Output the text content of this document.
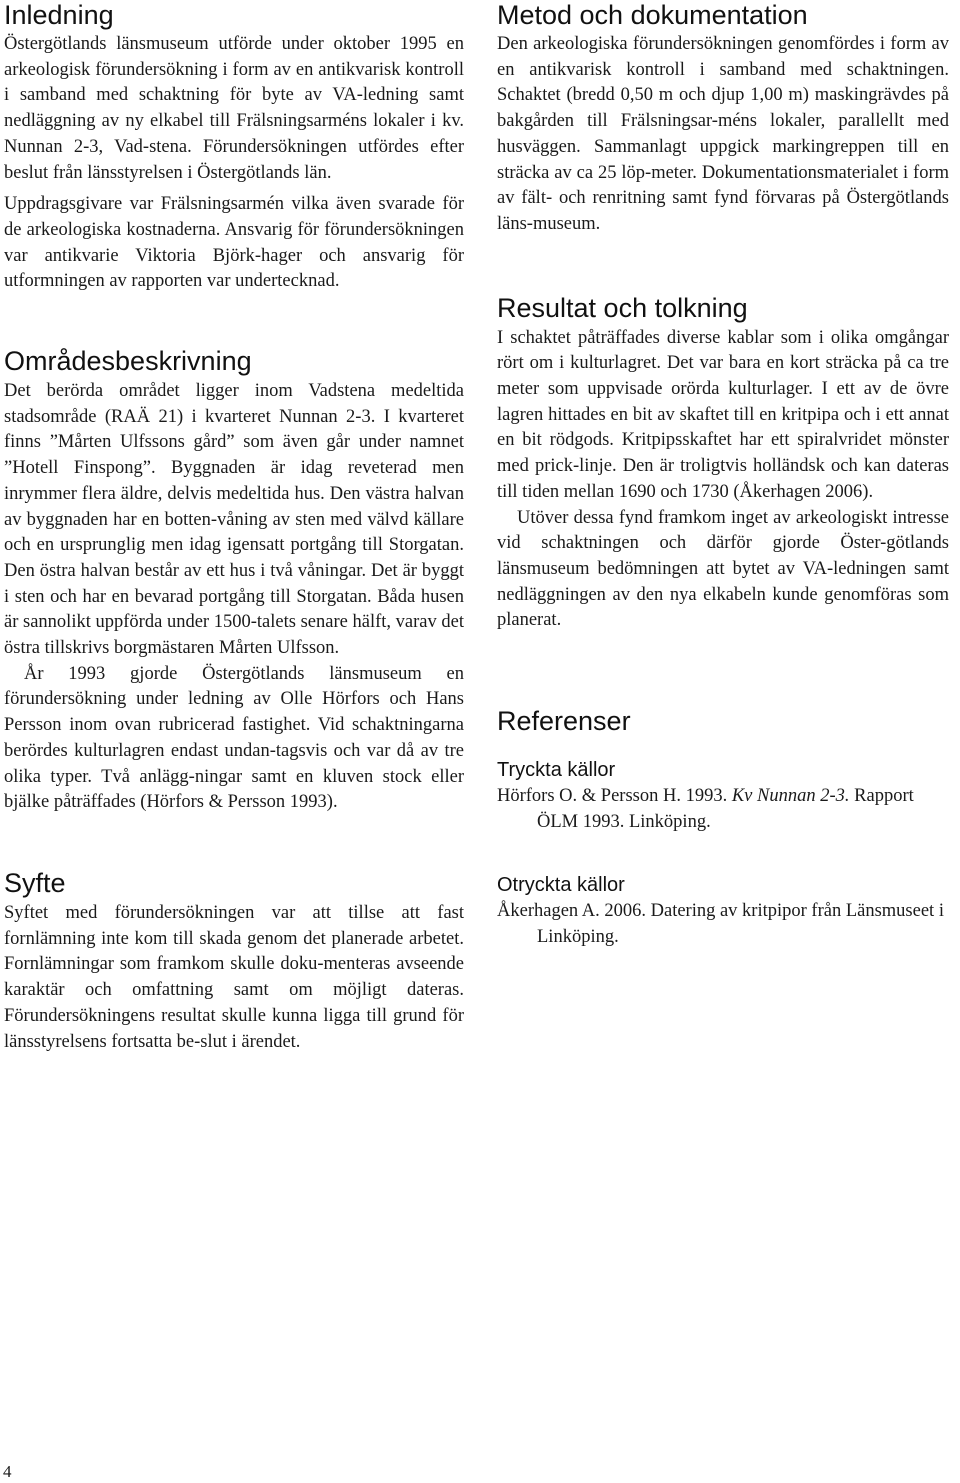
Inledning

Östergötlands länsmuseum utförde under oktober 1995 en arkeologisk förundersökning i form av en antikvarisk kontroll i samband med schaktning för byte av VA-ledning samt nedläggning av ny elkabel till Frälsningsarméns lokaler i kv. Nunnan 2-3, Vad-stena. Förundersökningen utfördes efter beslut från länsstyrelsen i Östergötlands län.

Uppdragsgivare var Frälsningsarmén vilka även svarade för de arkeologiska kostnaderna. Ansvarig för förundersökningen var antikvarie Viktoria Björk-hager och ansvarig för utformningen av rapporten var undertecknad.

Områdesbeskrivning

Det berörda området ligger inom Vadstena medeltida stadsområde (RAÄ 21) i kvarteret Nunnan 2-3. I kvarteret finns ”Mårten Ulfssons gård” som även går under namnet ”Hotell Finspong”. Byggnaden är idag reveterad men inrymmer flera äldre, delvis medeltida hus. Den västra halvan av byggnaden har en botten-våning av sten med välvd källare och en ursprunglig men idag igensatt portgång till Storgatan. Den östra halvan består av ett hus i två våningar. Det är byggt i sten och har en bevarad portgång till Storgatan. Båda husen är sannolikt uppförda under 1500-talets senare hälft, varav det östra tillskrivs borgmästaren Mårten Ulfsson.

År 1993 gjorde Östergötlands länsmuseum en förundersökning under ledning av Olle Hörfors och Hans Persson inom ovan rubricerad fastighet. Vid schaktningarna berördes kulturlagren endast undan-tagsvis och var då av tre olika typer. Två anlägg-ningar samt en kluven stock eller bjälke påträffades (Hörfors & Persson 1993).

Syfte

Syftet med förundersökningen var att tillse att fast fornlämning inte kom till skada genom det planerade arbetet. Fornlämningar som framkom skulle doku-menteras avseende karaktär och omfattning samt om möjligt dateras. Förundersökningens resultat skulle kunna ligga till grund för länsstyrelsens fortsatta be-slut i ärendet.

Metod och dokumentation

Den arkeologiska förundersökningen genomfördes i form av en antikvarisk kontroll i samband med schaktningen. Schaktet (bredd 0,50 m och djup 1,00 m) maskingrävdes på bakgården till Frälsningsar-méns lokaler, parallellt med husväggen. Sammanlagt uppgick markingreppen till en sträcka av ca 25 löp-meter. Dokumentationsmaterialet i form av fält- och renritning samt fynd förvaras på Östergötlands läns-museum.

Resultat och tolkning

I schaktet påträffades diverse kablar som i olika omgångar rört om i kulturlagret. Det var bara en kort sträcka på ca tre meter som uppvisade orörda kulturlager. I ett av de övre lagren hittades en bit av skaftet till en kritpipa och i ett annat en bit rödgods. Kritpipsskaftet har ett spiralvridet mönster med prick-linje. Den är troligtvis holländsk och kan dateras till tiden mellan 1690 och 1730 (Åkerhagen 2006).

Utöver dessa fynd framkom inget av arkeologiskt intresse vid schaktningen och därför gjorde Öster-götlands länsmuseum bedömningen att bytet av VA-ledningen samt nedläggningen av den nya elkabeln kunde genomföras som planerat.

Referenser
Tryckta källor

Hörfors O. & Persson H. 1993. Kv Nunnan 2-3. Rapport ÖLM 1993. Linköping.

Otryckta källor

Åkerhagen A. 2006. Datering av kritpipor från Länsmuseet i Linköping.

4
